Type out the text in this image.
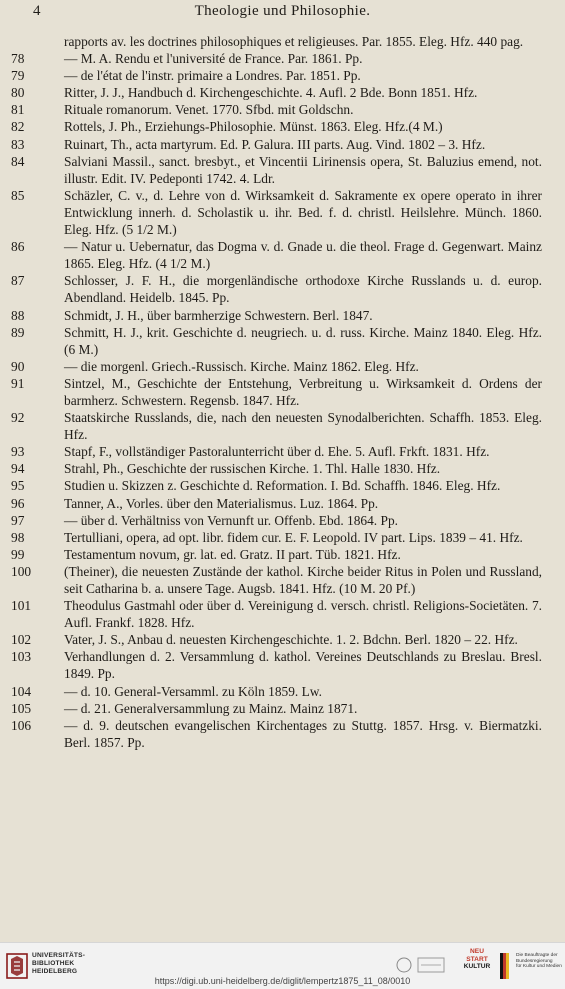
4	Theologie und Philosophie.
rapports av. les doctrines philosophiques et religieuses. Par. 1855. Eleg. Hfz. 440 pag.
78	— M. A. Rendu et l'université de France. Par. 1861. Pp.
79	— de l'état de l'instr. primaire a Londres. Par. 1851. Pp.
80	Ritter, J. J., Handbuch d. Kirchengeschichte. 4. Aufl. 2 Bde. Bonn 1851. Hfz.
81	Rituale romanorum. Venet. 1770. Sfbd. mit Goldschn.
82	Rottels, J. Ph., Erziehungs-Philosophie. Münst. 1863. Eleg. Hfz.(4 M.)
83	Ruinart, Th., acta martyrum. Ed. P. Galura. III parts. Aug. Vind. 1802 – 3. Hfz.
84	Salviani Massil., sanct. bresbyt., et Vincentii Lirinensis opera, St. Baluzius emend, not. illustr. Edit. IV. Pedeponti 1742. 4. Ldr.
85	Schäzler, C. v., d. Lehre von d. Wirksamkeit d. Sakramente ex opere operato in ihrer Entwicklung innerh. d. Scholastik u. ihr. Bed. f. d. christl. Heilslehre. Münch. 1860. Eleg. Hfz. (5 1/2 M.)
86	— Natur u. Uebernatur, das Dogma v. d. Gnade u. die theol. Frage d. Gegenwart. Mainz 1865. Eleg. Hfz. (4 1/2 M.)
87	Schlosser, J. F. H., die morgenländische orthodoxe Kirche Russlands u. d. europ. Abendland. Heidelb. 1845. Pp.
88	Schmidt, J. H., über barmherzige Schwestern. Berl. 1847.
89	Schmitt, H. J., krit. Geschichte d. neugriech. u. d. russ. Kirche. Mainz 1840. Eleg. Hfz. (6 M.)
90	— die morgenl. Griech.-Russisch. Kirche. Mainz 1862. Eleg. Hfz.
91	Sintzel, M., Geschichte der Entstehung, Verbreitung u. Wirksamkeit d. Ordens der barmherz. Schwestern. Regensb. 1847. Hfz.
92	Staatskirche Russlands, die, nach den neuesten Synodalberichten. Schaffh. 1853. Eleg. Hfz.
93	Stapf, F., vollständiger Pastoralunterricht über d. Ehe. 5. Aufl. Frkft. 1831. Hfz.
94	Strahl, Ph., Geschichte der russischen Kirche. 1. Thl. Halle 1830. Hfz.
95	Studien u. Skizzen z. Geschichte d. Reformation. I. Bd. Schaffh. 1846. Eleg. Hfz.
96	Tanner, A., Vorles. über den Materialismus. Luz. 1864. Pp.
97	— über d. Verhältniss von Vernunft ur. Offenb. Ebd. 1864. Pp.
98	Tertulliani, opera, ad opt. libr. fidem cur. E. F. Leopold. IV part. Lips. 1839 – 41. Hfz.
99	Testamentum novum, gr. lat. ed. Gratz. II part. Tüb. 1821. Hfz.
100	(Theiner), die neuesten Zustände der kathol. Kirche beider Ritus in Polen und Russland, seit Catharina b. a. unsere Tage. Augsb. 1841. Hfz. (10 M. 20 Pf.)
101	Theodulus Gastmahl oder über d. Vereinigung d. versch. christl. Religions-Societäten. 7. Aufl. Frankf. 1828. Hfz.
102	Vater, J. S., Anbau d. neuesten Kirchengeschichte. 1. 2. Bdchn. Berl. 1820 – 22. Hfz.
103	Verhandlungen d. 2. Versammlung d. kathol. Vereines Deutschlands zu Breslau. Bresl. 1849. Pp.
104	— d. 10. General-Versamml. zu Köln 1859. Lw.
105	— d. 21. Generalversammlung zu Mainz. Mainz 1871.
106	— d. 9. deutschen evangelischen Kirchentages zu Stuttg. 1857. Hrsg. v. Biermatzki. Berl. 1857. Pp.
UNIVERSITÄTS-
BIBLIOTHEK
HEIDELBERG
NEU
START
KULTUR
Die Beauftragte der Bundesregierung
für Kultur und Medien
https://digi.ub.uni-heidelberg.de/diglit/lempertz1875_11_08/0010
